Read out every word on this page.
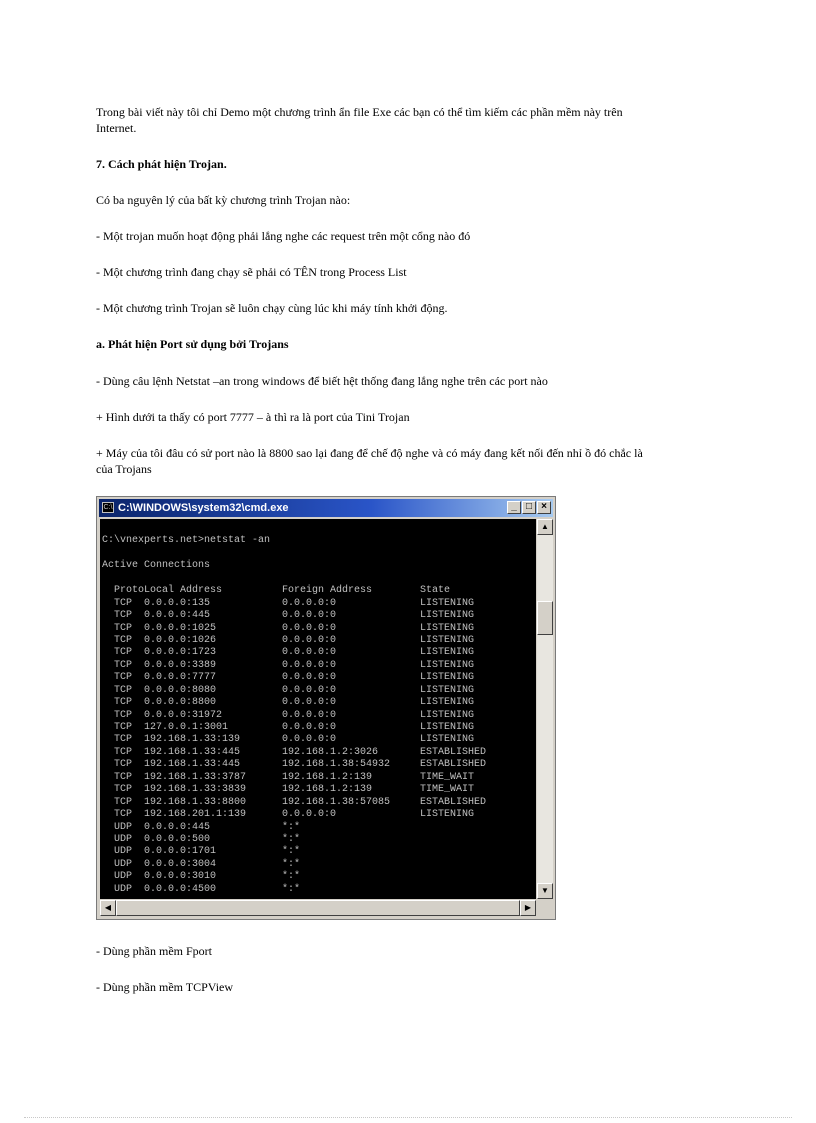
Trong bài viết này tôi chỉ Demo một chương trình ẩn file Exe các bạn có thể tìm kiếm các phần mềm này trên

Internet.

7. Cách phát hiện Trojan.

Có ba nguyên lý của bất kỳ chương trình Trojan nào:

- Một trojan muốn hoạt động phải lắng nghe các request trên một cổng nào đó

- Một chương trình đang chạy sẽ phải có TÊN trong Process List

- Một chương trình Trojan sẽ luôn chạy cùng lúc khi máy tính khởi động.

a. Phát hiện Port sử dụng bởi Trojans

- Dùng câu lệnh Netstat –an trong windows để biết hệt thống đang lắng nghe trên các port nào

+ Hình dưới ta thấy có port 7777 – à thì ra là port của Tini Trojan

+ Máy của tôi đâu có sử port nào là 8800 sao lại đang để chế độ nghe và có máy đang kết nối đến nhỉ ồ đó chắc là

của Trojans

C:\ C:\WINDOWS\system32\cmd.exe	_ □ ×

C:\vnexperts.net>netstat -an

Active Connections

Proto Local Address	Foreign Address	State
TCP	0.0.0.0:135	0.0.0.0:0	LISTENING
TCP	0.0.0.0:445	0.0.0.0:0	LISTENING
TCP	0.0.0.0:1025	0.0.0.0:0	LISTENING
TCP	0.0.0.0:1026	0.0.0.0:0	LISTENING
TCP	0.0.0.0:1723	0.0.0.0:0	LISTENING
TCP	0.0.0.0:3389	0.0.0.0:0	LISTENING
TCP	0.0.0.0:7777	0.0.0.0:0	LISTENING
TCP	0.0.0.0:8080	0.0.0.0:0	LISTENING
TCP	0.0.0.0:8800	0.0.0.0:0	LISTENING
TCP	0.0.0.0:31972	0.0.0.0:0	LISTENING
TCP	127.0.0.1:3001	0.0.0.0:0	LISTENING
TCP	192.168.1.33:139	0.0.0.0:0	LISTENING
TCP	192.168.1.33:445	192.168.1.2:3026	ESTABLISHED
TCP	192.168.1.33:445	192.168.1.38:54932	ESTABLISHED
TCP	192.168.1.33:3787	192.168.1.2:139	TIME_WAIT
TCP	192.168.1.33:3839	192.168.1.2:139	TIME_WAIT
TCP	192.168.1.33:8800	192.168.1.38:57085	ESTABLISHED
TCP	192.168.201.1:139	0.0.0.0:0	LISTENING
UDP	0.0.0.0:445	*:*
UDP	0.0.0.0:500	*:*
UDP	0.0.0.0:1701	*:*
UDP	0.0.0.0:3004	*:*
UDP	0.0.0.0:3010	*:*
UDP	0.0.0.0:4500	*:*
▲
▼
◀	▶

- Dùng phần mềm Fport

- Dùng phần mềm TCPView
